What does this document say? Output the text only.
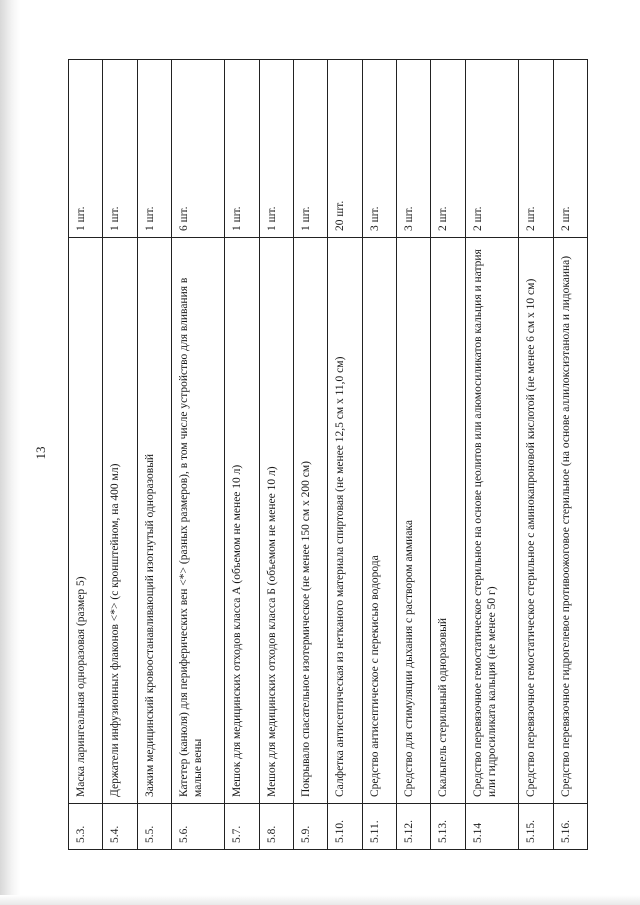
13
5.3.	Маска ларингеальная одноразовая (размер 5)	1 шт.
5.4.	Держатели инфузионных флаконов <*> (с кронштейном, на 400 мл)	1 шт.
5.5.	Зажим медицинский кровоостанавливающий изогнутый одноразовый	1 шт.
5.6.	Катетер (канюля) для периферических вен <*> (разных размеров), в том числе устройство для вливания в малые вены	6 шт.
5.7.	Мешок для медицинских отходов класса А (объемом не менее 10 л)	1 шт.
5.8.	Мешок для медицинских отходов класса Б (объемом не менее 10 л)	1 шт.
5.9.	Покрывало спасательное изотермическое (не менее 150 см x 200 см)	1 шт.
5.10.	Салфетка антисептическая из нетканого материала спиртовая (не менее 12,5 см x 11,0 см)	20 шт.
5.11.	Средство антисептическое с перекисью водорода	3 шт.
5.12.	Средство для стимуляции дыхания с раствором аммиака	3 шт.
5.13.	Скальпель стерильный одноразовый	2 шт.
5.14	Средство перевязочное гемостатическое стерильное на основе цеолитов или алюмосиликатов кальция и натрия или гидросиликата кальция (не менее 50 г)	2 шт.
5.15.	Средство перевязочное гемостатическое стерильное с аминокапроновой кислотой (не менее 6 см x 10 см)	2 шт.
5.16.	Средство перевязочное гидрогелевое противоожоговое стерильное (на основе аллилоксиэтанола и лидокаина)	2 шт.
